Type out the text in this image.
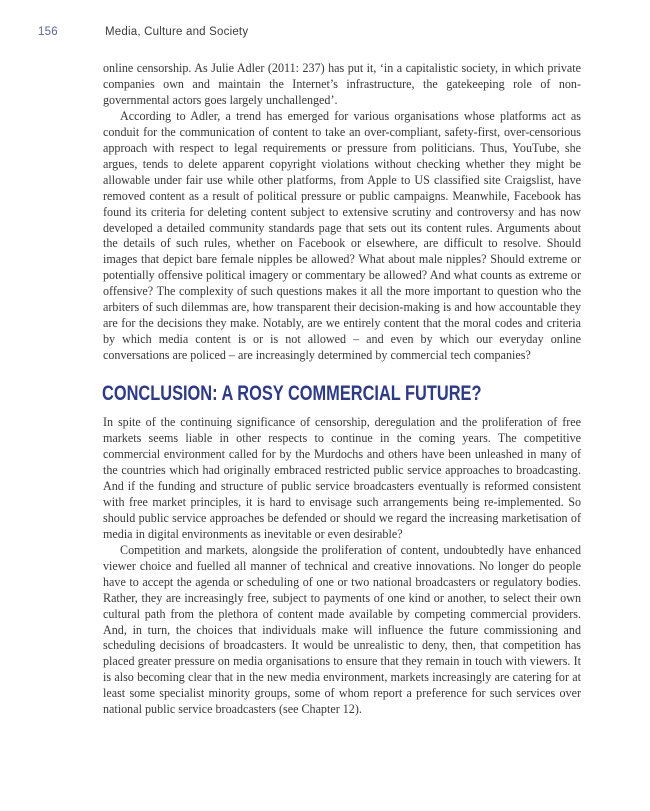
156	Media, Culture and Society

online censorship. As Julie Adler (2011: 237) has put it, ‘in a capitalistic society, in which private companies own and maintain the Internet’s infrastructure, the gatekeeping role of non-governmental actors goes largely unchallenged’.

According to Adler, a trend has emerged for various organisations whose platforms act as conduit for the communication of content to take an over-compliant, safety-first, over-censorious approach with respect to legal requirements or pressure from politicians. Thus, YouTube, she argues, tends to delete apparent copyright violations without checking whether they might be allowable under fair use while other platforms, from Apple to US classified site Craigslist, have removed content as a result of political pressure or public campaigns. Meanwhile, Facebook has found its criteria for deleting content subject to extensive scrutiny and controversy and has now developed a detailed community standards page that sets out its content rules. Arguments about the details of such rules, whether on Facebook or elsewhere, are difficult to resolve. Should images that depict bare female nipples be allowed? What about male nipples? Should extreme or potentially offensive political imagery or commentary be allowed? And what counts as extreme or offensive? The complexity of such questions makes it all the more important to question who the arbiters of such dilemmas are, how transparent their decision-making is and how accountable they are for the decisions they make. Notably, are we entirely content that the moral codes and criteria by which media content is or is not allowed – and even by which our everyday online conversations are policed – are increasingly determined by commercial tech companies?

CONCLUSION: A ROSY COMMERCIAL FUTURE?

In spite of the continuing significance of censorship, deregulation and the proliferation of free markets seems liable in other respects to continue in the coming years. The competitive commercial environment called for by the Murdochs and others have been unleashed in many of the countries which had originally embraced restricted public service approaches to broadcasting. And if the funding and structure of public service broadcasters eventually is reformed consistent with free market principles, it is hard to envisage such arrangements being re-implemented. So should public service approaches be defended or should we regard the increasing marketisation of media in digital environments as inevitable or even desirable?

Competition and markets, alongside the proliferation of content, undoubtedly have enhanced viewer choice and fuelled all manner of technical and creative innovations. No longer do people have to accept the agenda or scheduling of one or two national broadcasters or regulatory bodies. Rather, they are increasingly free, subject to payments of one kind or another, to select their own cultural path from the plethora of content made available by competing commercial providers. And, in turn, the choices that individuals make will influence the future commissioning and scheduling decisions of broadcasters. It would be unrealistic to deny, then, that competition has placed greater pressure on media organisations to ensure that they remain in touch with viewers. It is also becoming clear that in the new media environment, markets increasingly are catering for at least some specialist minority groups, some of whom report a preference for such services over national public service broadcasters (see Chapter 12).
